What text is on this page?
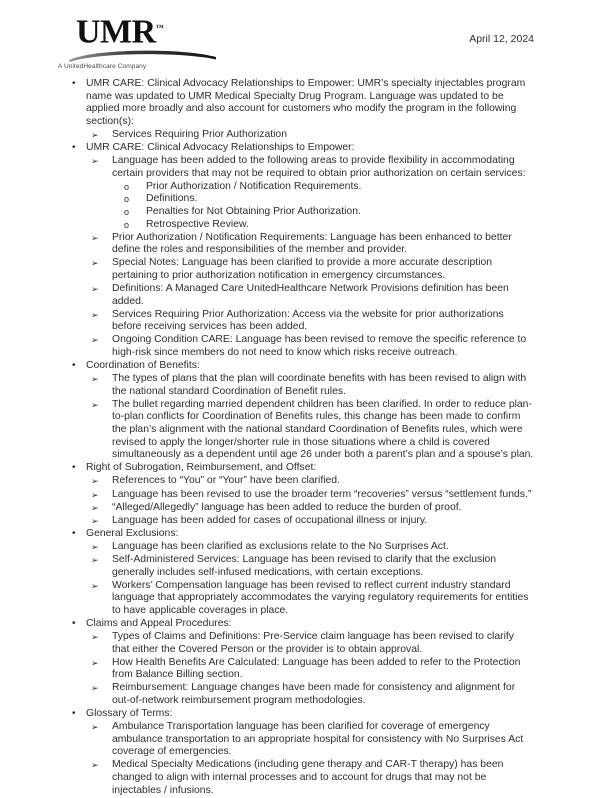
UMR™
A UnitedHealthcare Company
April 12, 2024
• UMR CARE: Clinical Advocacy Relationships to Empower: UMR’s specialty injectables program name was updated to UMR Medical Specialty Drug Program. Language was updated to be applied more broadly and also account for customers who modify the program in the following section(s):
➢ Services Requiring Prior Authorization
• UMR CARE: Clinical Advocacy Relationships to Empower:
➢ Language has been added to the following areas to provide flexibility in accommodating certain providers that may not be required to obtain prior authorization on certain services:
o Prior Authorization / Notification Requirements.
o Definitions.
o Penalties for Not Obtaining Prior Authorization.
o Retrospective Review.
➢ Prior Authorization / Notification Requirements: Language has been enhanced to better define the roles and responsibilities of the member and provider.
➢ Special Notes: Language has been clarified to provide a more accurate description pertaining to prior authorization notification in emergency circumstances.
➢ Definitions: A Managed Care UnitedHealthcare Network Provisions definition has been added.
➢ Services Requiring Prior Authorization: Access via the website for prior authorizations before receiving services has been added.
➢ Ongoing Condition CARE: Language has been revised to remove the specific reference to high-risk since members do not need to know which risks receive outreach.
• Coordination of Benefits:
➢ The types of plans that the plan will coordinate benefits with has been revised to align with the national standard Coordination of Benefit rules.
➢ The bullet regarding married dependent children has been clarified. In order to reduce plan-to-plan conflicts for Coordination of Benefits rules, this change has been made to confirm the plan’s alignment with the national standard Coordination of Benefits rules, which were revised to apply the longer/shorter rule in those situations where a child is covered simultaneously as a dependent until age 26 under both a parent’s plan and a spouse’s plan.
• Right of Subrogation, Reimbursement, and Offset:
➢ References to “You” or “Your” have been clarified.
➢ Language has been revised to use the broader term “recoveries” versus “settlement funds.”
➢ “Alleged/Allegedly” language has been added to reduce the burden of proof.
➢ Language has been added for cases of occupational illness or injury.
• General Exclusions:
➢ Language has been clarified as exclusions relate to the No Surprises Act.
➢ Self-Administered Services: Language has been revised to clarify that the exclusion generally includes self-infused medications, with certain exceptions.
➢ Workers’ Compensation language has been revised to reflect current industry standard language that appropriately accommodates the varying regulatory requirements for entities to have applicable coverages in place.
• Claims and Appeal Procedures:
➢ Types of Claims and Definitions: Pre-Service claim language has been revised to clarify that either the Covered Person or the provider is to obtain approval.
➢ How Health Benefits Are Calculated: Language has been added to refer to the Protection from Balance Billing section.
➢ Reimbursement: Language changes have been made for consistency and alignment for out-of-network reimbursement program methodologies.
• Glossary of Terms:
➢ Ambulance Transportation language has been clarified for coverage of emergency ambulance transportation to an appropriate hospital for consistency with No Surprises Act coverage of emergencies.
➢ Medical Specialty Medications (including gene therapy and CAR-T therapy) has been changed to align with internal processes and to account for drugs that may not be injectables / infusions.
